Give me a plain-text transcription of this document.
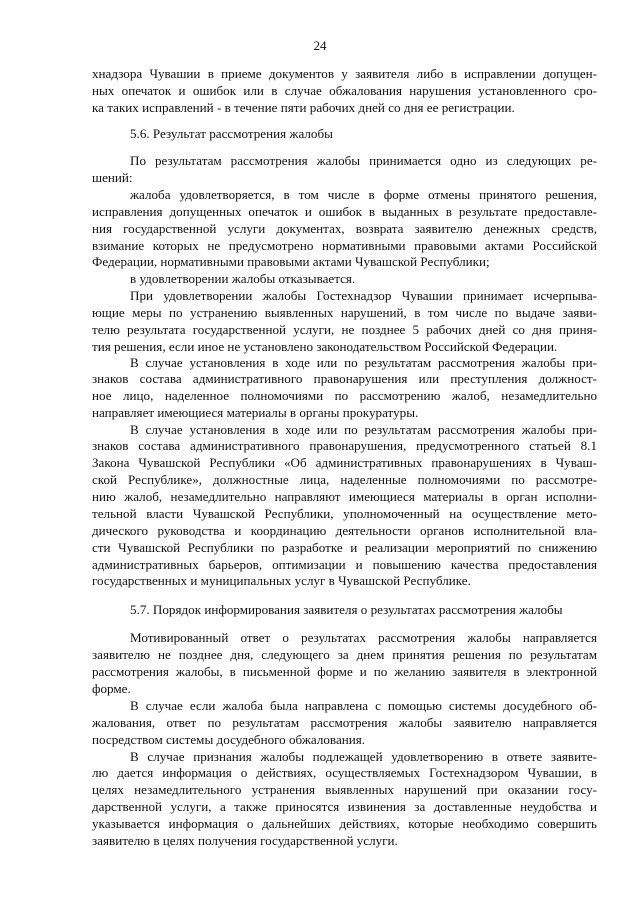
24
хнадзора Чувашии в приеме документов у заявителя либо в исправлении допущен-
ных опечаток и ошибок или в случае обжалования нарушения установленного сро-
ка таких исправлений - в течение пяти рабочих дней со дня ее регистрации.
5.6. Результат рассмотрения жалобы
По результатам рассмотрения жалобы принимается одно из следующих ре-
шений:
жалоба удовлетворяется, в том числе в форме отмены принятого решения,
исправления допущенных опечаток и ошибок в выданных в результате предоставле-
ния государственной услуги документах, возврата заявителю денежных средств,
взимание которых не предусмотрено нормативными правовыми актами Российской
Федерации, нормативными правовыми актами Чувашской Республики;
в удовлетворении жалобы отказывается.
При удовлетворении жалобы Гостехнадзор Чувашии принимает исчерпыва-
ющие меры по устранению выявленных нарушений, в том числе по выдаче заяви-
телю результата государственной услуги, не позднее 5 рабочих дней со дня приня-
тия решения, если иное не установлено законодательством Российской Федерации.
В случае установления в ходе или по результатам рассмотрения жалобы при-
знаков состава административного правонарушения или преступления должност-
ное лицо, наделенное полномочиями по рассмотрению жалоб, незамедлительно
направляет имеющиеся материалы в органы прокуратуры.
В случае установления в ходе или по результатам рассмотрения жалобы при-
знаков состава административного правонарушения, предусмотренного статьей 8.1
Закона Чувашской Республики «Об административных правонарушениях в Чуваш-
ской Республике», должностные лица, наделенные полномочиями по рассмотре-
нию жалоб, незамедлительно направляют имеющиеся материалы в орган исполни-
тельной власти Чувашской Республики, уполномоченный на осуществление мето-
дического руководства и координацию деятельности органов исполнительной вла-
сти Чувашской Республики по разработке и реализации мероприятий по снижению
административных барьеров, оптимизации и повышению качества предоставления
государственных и муниципальных услуг в Чувашской Республике.
5.7. Порядок информирования заявителя о результатах рассмотрения жалобы
Мотивированный ответ о результатах рассмотрения жалобы направляется
заявителю не позднее дня, следующего за днем принятия решения по результатам
рассмотрения жалобы, в письменной форме и по желанию заявителя в электронной
форме.
В случае если жалоба была направлена с помощью системы досудебного об-
жалования, ответ по результатам рассмотрения жалобы заявителю направляется
посредством системы досудебного обжалования.
В случае признания жалобы подлежащей удовлетворению в ответе заявите-
лю дается информация о действиях, осуществляемых Гостехнадзором Чувашии, в
целях незамедлительного устранения выявленных нарушений при оказании госу-
дарственной услуги, а также приносятся извинения за доставленные неудобства и
указывается информация о дальнейших действиях, которые необходимо совершить
заявителю в целях получения государственной услуги.
